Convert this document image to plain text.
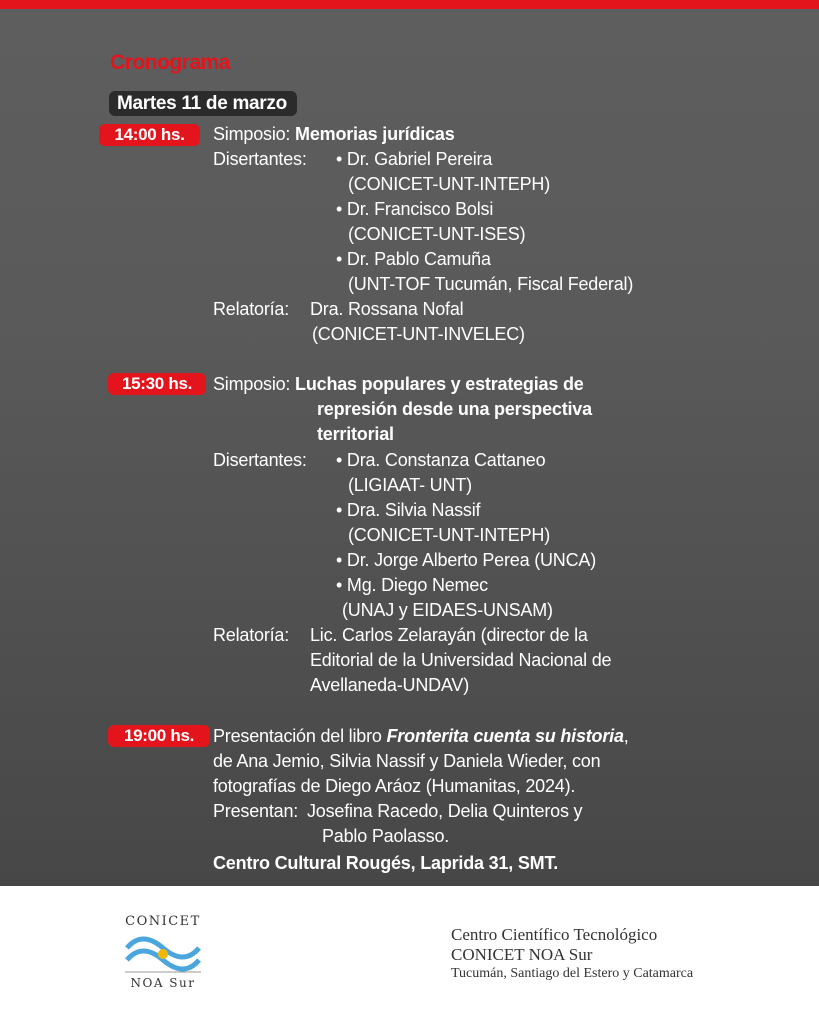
Cronograma
Martes 11 de marzo
14:00 hs.	Simposio: Memorias jurídicas
Disertantes: • Dr. Gabriel Pereira
(CONICET-UNT-INTEPH)
• Dr. Francisco Bolsi
(CONICET-UNT-ISES)
• Dr. Pablo Camuña
(UNT-TOF Tucumán, Fiscal Federal)
Relatoría: Dra. Rossana Nofal
(CONICET-UNT-INVELEC)
15:30 hs.	Simposio: Luchas populares y estrategias de
represión desde una perspectiva
territorial
Disertantes: • Dra. Constanza Cattaneo
(LIGIAAT- UNT)
• Dra. Silvia Nassif
(CONICET-UNT-INTEPH)
• Dr. Jorge Alberto Perea (UNCA)
• Mg. Diego Nemec
(UNAJ y EIDAES-UNSAM)
Relatoría: Lic. Carlos Zelarayán (director de la
Editorial de la Universidad Nacional de
Avellaneda-UNDAV)
19:00 hs.	Presentación del libro Fronterita cuenta su historia,
de Ana Jemio, Silvia Nassif y Daniela Wieder, con
fotografías de Diego Aráoz (Humanitas, 2024).
Presentan: Josefina Racedo, Delia Quinteros y
Pablo Paolasso.
Centro Cultural Rougés, Laprida 31, SMT.
CONICET
NOA Sur
Centro Científico Tecnológico
CONICET NOA Sur
Tucumán, Santiago del Estero y Catamarca
